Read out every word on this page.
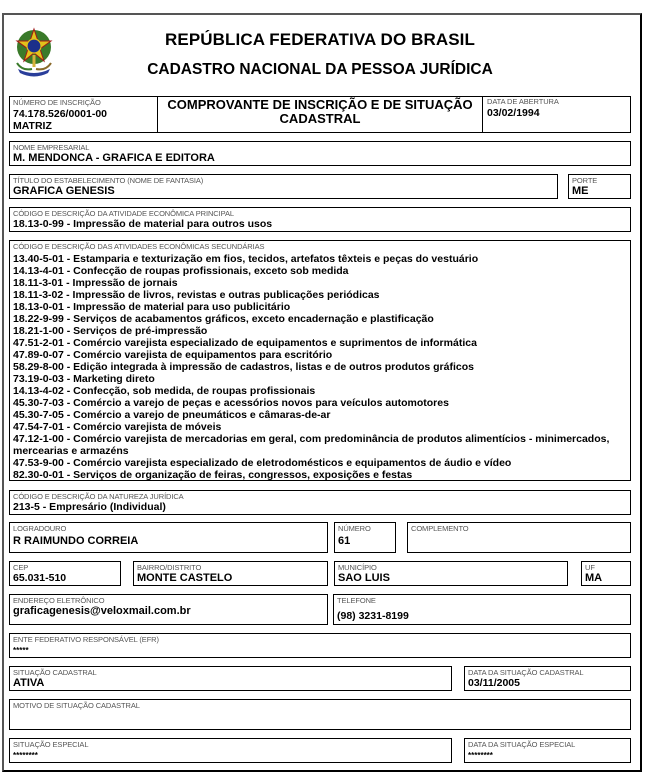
REPÚBLICA FEDERATIVA DO BRASIL
CADASTRO NACIONAL DA PESSOA JURÍDICA
NÚMERO DE INSCRIÇÃO
74.178.526/0001-00
MATRIZ
COMPROVANTE DE INSCRIÇÃO E DE SITUAÇÃO
CADASTRAL
DATA DE ABERTURA
03/02/1994
NOME EMPRESARIAL
M. MENDONCA - GRAFICA E EDITORA
TÍTULO DO ESTABELECIMENTO (NOME DE FANTASIA)
GRAFICA GENESIS
PORTE
ME
CÓDIGO E DESCRIÇÃO DA ATIVIDADE ECONÔMICA PRINCIPAL
18.13-0-99 - Impressão de material para outros usos
CÓDIGO E DESCRIÇÃO DAS ATIVIDADES ECONÔMICAS SECUNDÁRIAS
13.40-5-01 - Estamparia e texturização em fios, tecidos, artefatos têxteis e peças do vestuário
14.13-4-01 - Confecção de roupas profissionais, exceto sob medida
18.11-3-01 - Impressão de jornais
18.11-3-02 - Impressão de livros, revistas e outras publicações periódicas
18.13-0-01 - Impressão de material para uso publicitário
18.22-9-99 - Serviços de acabamentos gráficos, exceto encadernação e plastificação
18.21-1-00 - Serviços de pré-impressão
47.51-2-01 - Comércio varejista especializado de equipamentos e suprimentos de informática
47.89-0-07 - Comércio varejista de equipamentos para escritório
58.29-8-00 - Edição integrada à impressão de cadastros, listas e de outros produtos gráficos
73.19-0-03 - Marketing direto
14.13-4-02 - Confecção, sob medida, de roupas profissionais
45.30-7-03 - Comércio a varejo de peças e acessórios novos para veículos automotores
45.30-7-05 - Comércio a varejo de pneumáticos e câmaras-de-ar
47.54-7-01 - Comércio varejista de móveis
47.12-1-00 - Comércio varejista de mercadorias em geral, com predominância de produtos alimentícios - minimercados, mercearias e armazéns
47.53-9-00 - Comércio varejista especializado de eletrodomésticos e equipamentos de áudio e vídeo
82.30-0-01 - Serviços de organização de feiras, congressos, exposições e festas
CÓDIGO E DESCRIÇÃO DA NATUREZA JURÍDICA
213-5 - Empresário (Individual)
LOGRADOURO
R RAIMUNDO CORREIA
NÚMERO
61
COMPLEMENTO
CEP
65.031-510
BAIRRO/DISTRITO
MONTE CASTELO
MUNICÍPIO
SAO LUIS
UF
MA
ENDEREÇO ELETRÔNICO
graficagenesis@veloxmail.com.br
TELEFONE
(98) 3231-8199
ENTE FEDERATIVO RESPONSÁVEL (EFR)
*****
SITUAÇÃO CADASTRAL
ATIVA
DATA DA SITUAÇÃO CADASTRAL
03/11/2005
MOTIVO DE SITUAÇÃO CADASTRAL
SITUAÇÃO ESPECIAL
********
DATA DA SITUAÇÃO ESPECIAL
********
